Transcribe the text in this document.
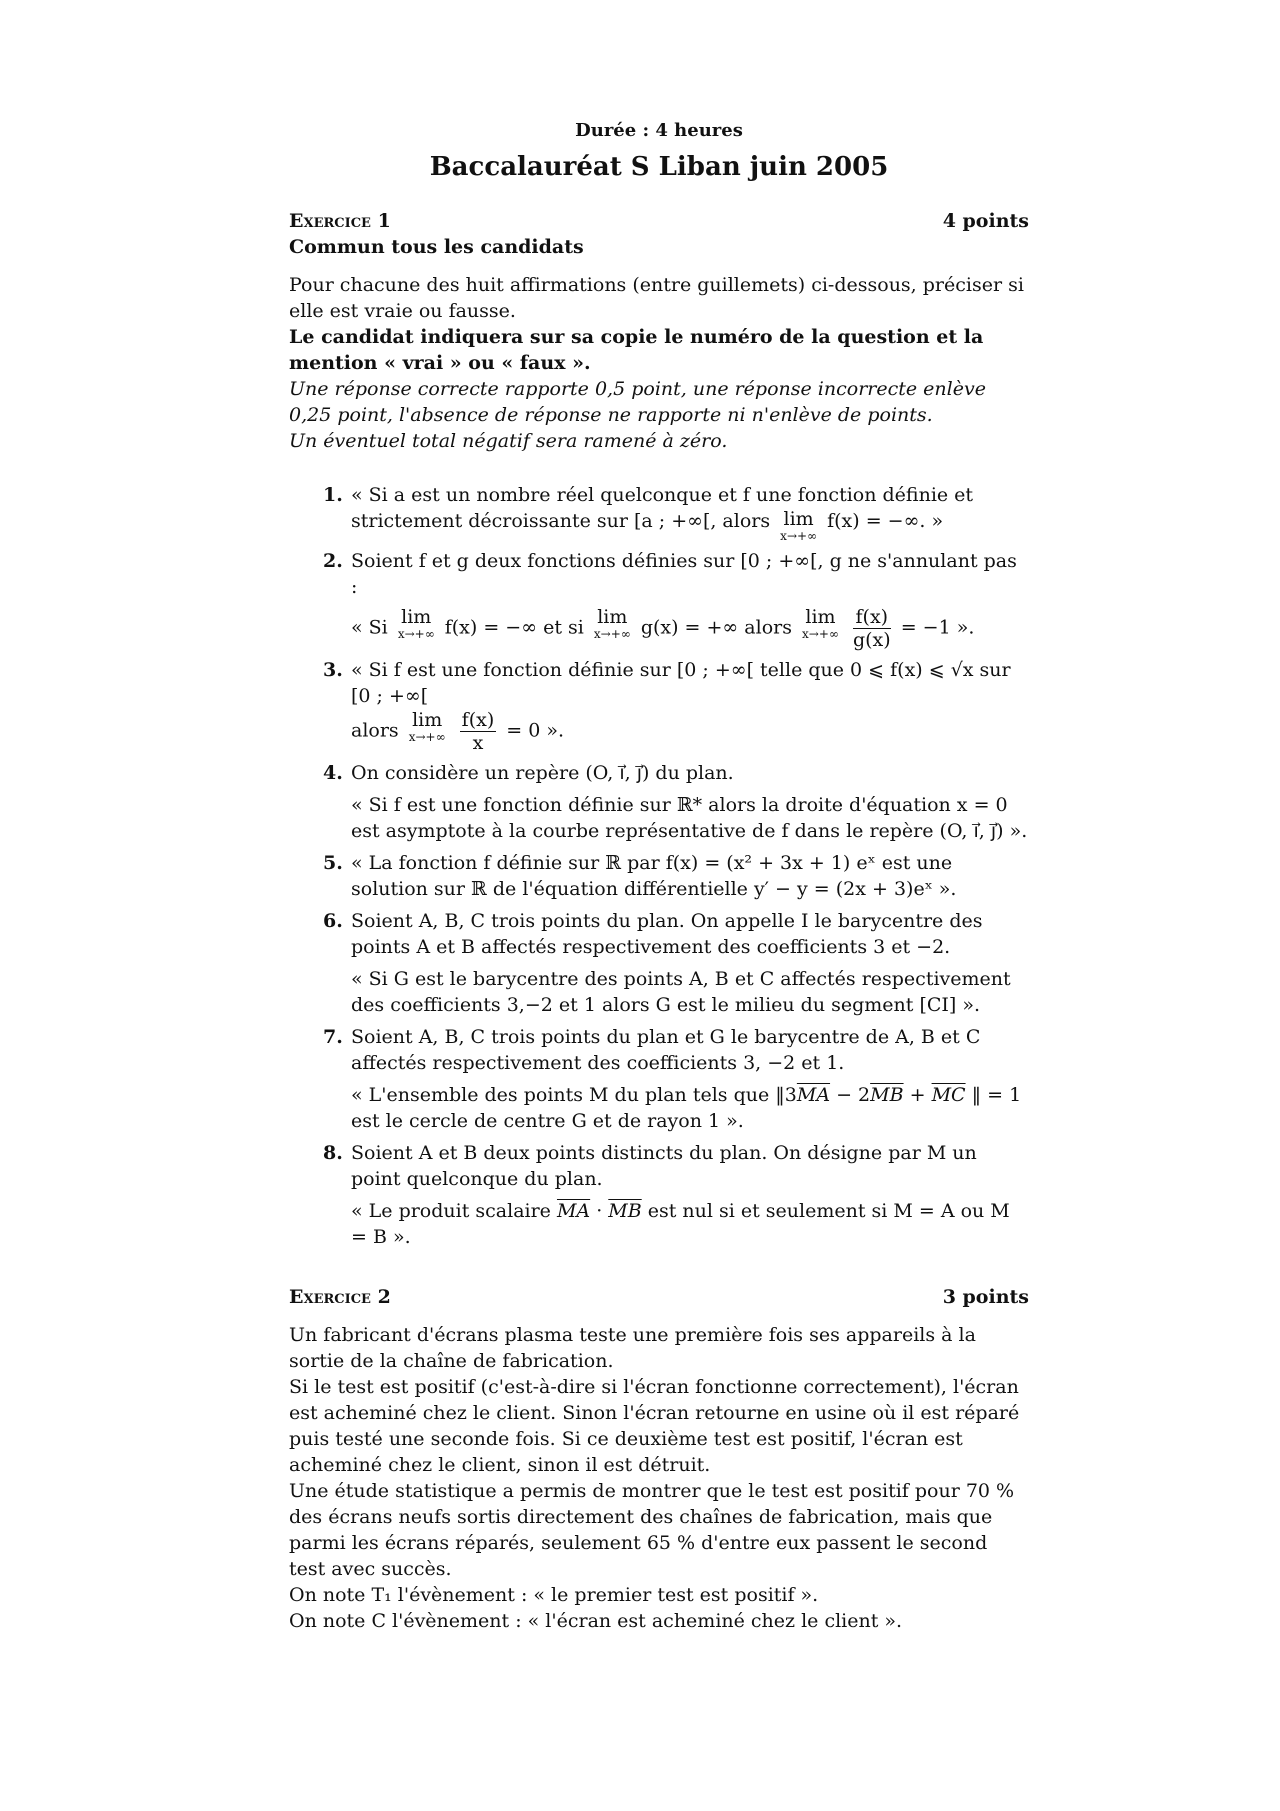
Durée : 4 heures
Baccalauréat S Liban juin 2005
Exercice 1	4 points

Commun tous les candidats

Pour chacune des huit affirmations (entre guillemets) ci-dessous, préciser si elle est vraie ou fausse.

Le candidat indiquera sur sa copie le numéro de la question et la mention « vrai » ou « faux ».

Une réponse correcte rapporte 0,5 point, une réponse incorrecte enlève 0,25 point, l'absence de réponse ne rapporte ni n'enlève de points.

Un éventuel total négatif sera ramené à zéro.

1. « Si a est un nombre réel quelconque et f une fonction définie et strictement décroissante sur [a ; +∞[, alors lim
x→+∞
f(x) = −∞. »
2. Soient f et g deux fonctions définies sur [0 ; +∞[, g ne s'annulant pas :
« Si lim
x→+∞ f(x) = −∞ et si lim
x→+∞ g(x) = +∞ alors lim
x→+∞
$\frac{f(x)}{g(x)} = -1$ ».
3. « Si f est une fonction définie sur [0 ; +∞[ telle que 0 ⩽ f(x) ⩽ √x sur [0 ; +∞[
alors lim
x→+∞
$\frac{f(x)}{x} = 0$ ».
4. On considère un repère (O, i⃗, j⃗) du plan.

« Si f est une fonction définie sur ℝ* alors la droite d'équation x = 0 est asymptote à la courbe représentative de f dans le repère (O, i⃗, j⃗) ».

5. « La fonction f définie sur ℝ par f(x) = (x² + 3x + 1) eˣ est une solution sur ℝ de l'équation différentielle y′ − y = (2x + 3)eˣ ».

6. Soient A, B, C trois points du plan. On appelle I le barycentre des points A et B affectés respectivement des coefficients 3 et −2.

« Si G est le barycentre des points A, B et C affectés respectivement des coefficients 3,−2 et 1 alors G est le milieu du segment [CI] ».

7. Soient A, B, C trois points du plan et G le barycentre de A, B et C affectés respectivement des coefficients 3, −2 et 1.

« L'ensemble des points M du plan tels que $‖3\overline{MA} - 2\overline{MB} + \overline{MC}$ ‖ = 1 est le cercle de centre G et de rayon 1 ».

8. Soient A et B deux points distincts du plan. On désigne par M un point quelconque du plan.

« Le produit scalaire $\overline{MA} \cdot \overline{MB}$ est nul si et seulement si M = A ou M = B ».

Exercice 2	3 points

Un fabricant d'écrans plasma teste une première fois ses appareils à la sortie de la chaîne de fabrication.

Si le test est positif (c'est-à-dire si l'écran fonctionne correctement), l'écran est acheminé chez le client. Sinon l'écran retourne en usine où il est réparé puis testé une seconde fois. Si ce deuxième test est positif, l'écran est acheminé chez le client, sinon il est détruit.

Une étude statistique a permis de montrer que le test est positif pour 70 % des écrans neufs sortis directement des chaînes de fabrication, mais que parmi les écrans réparés, seulement 65 % d'entre eux passent le second test avec succès.

On note T₁ l'évènement : « le premier test est positif ».

On note C l'évènement : « l'écran est acheminé chez le client ».
